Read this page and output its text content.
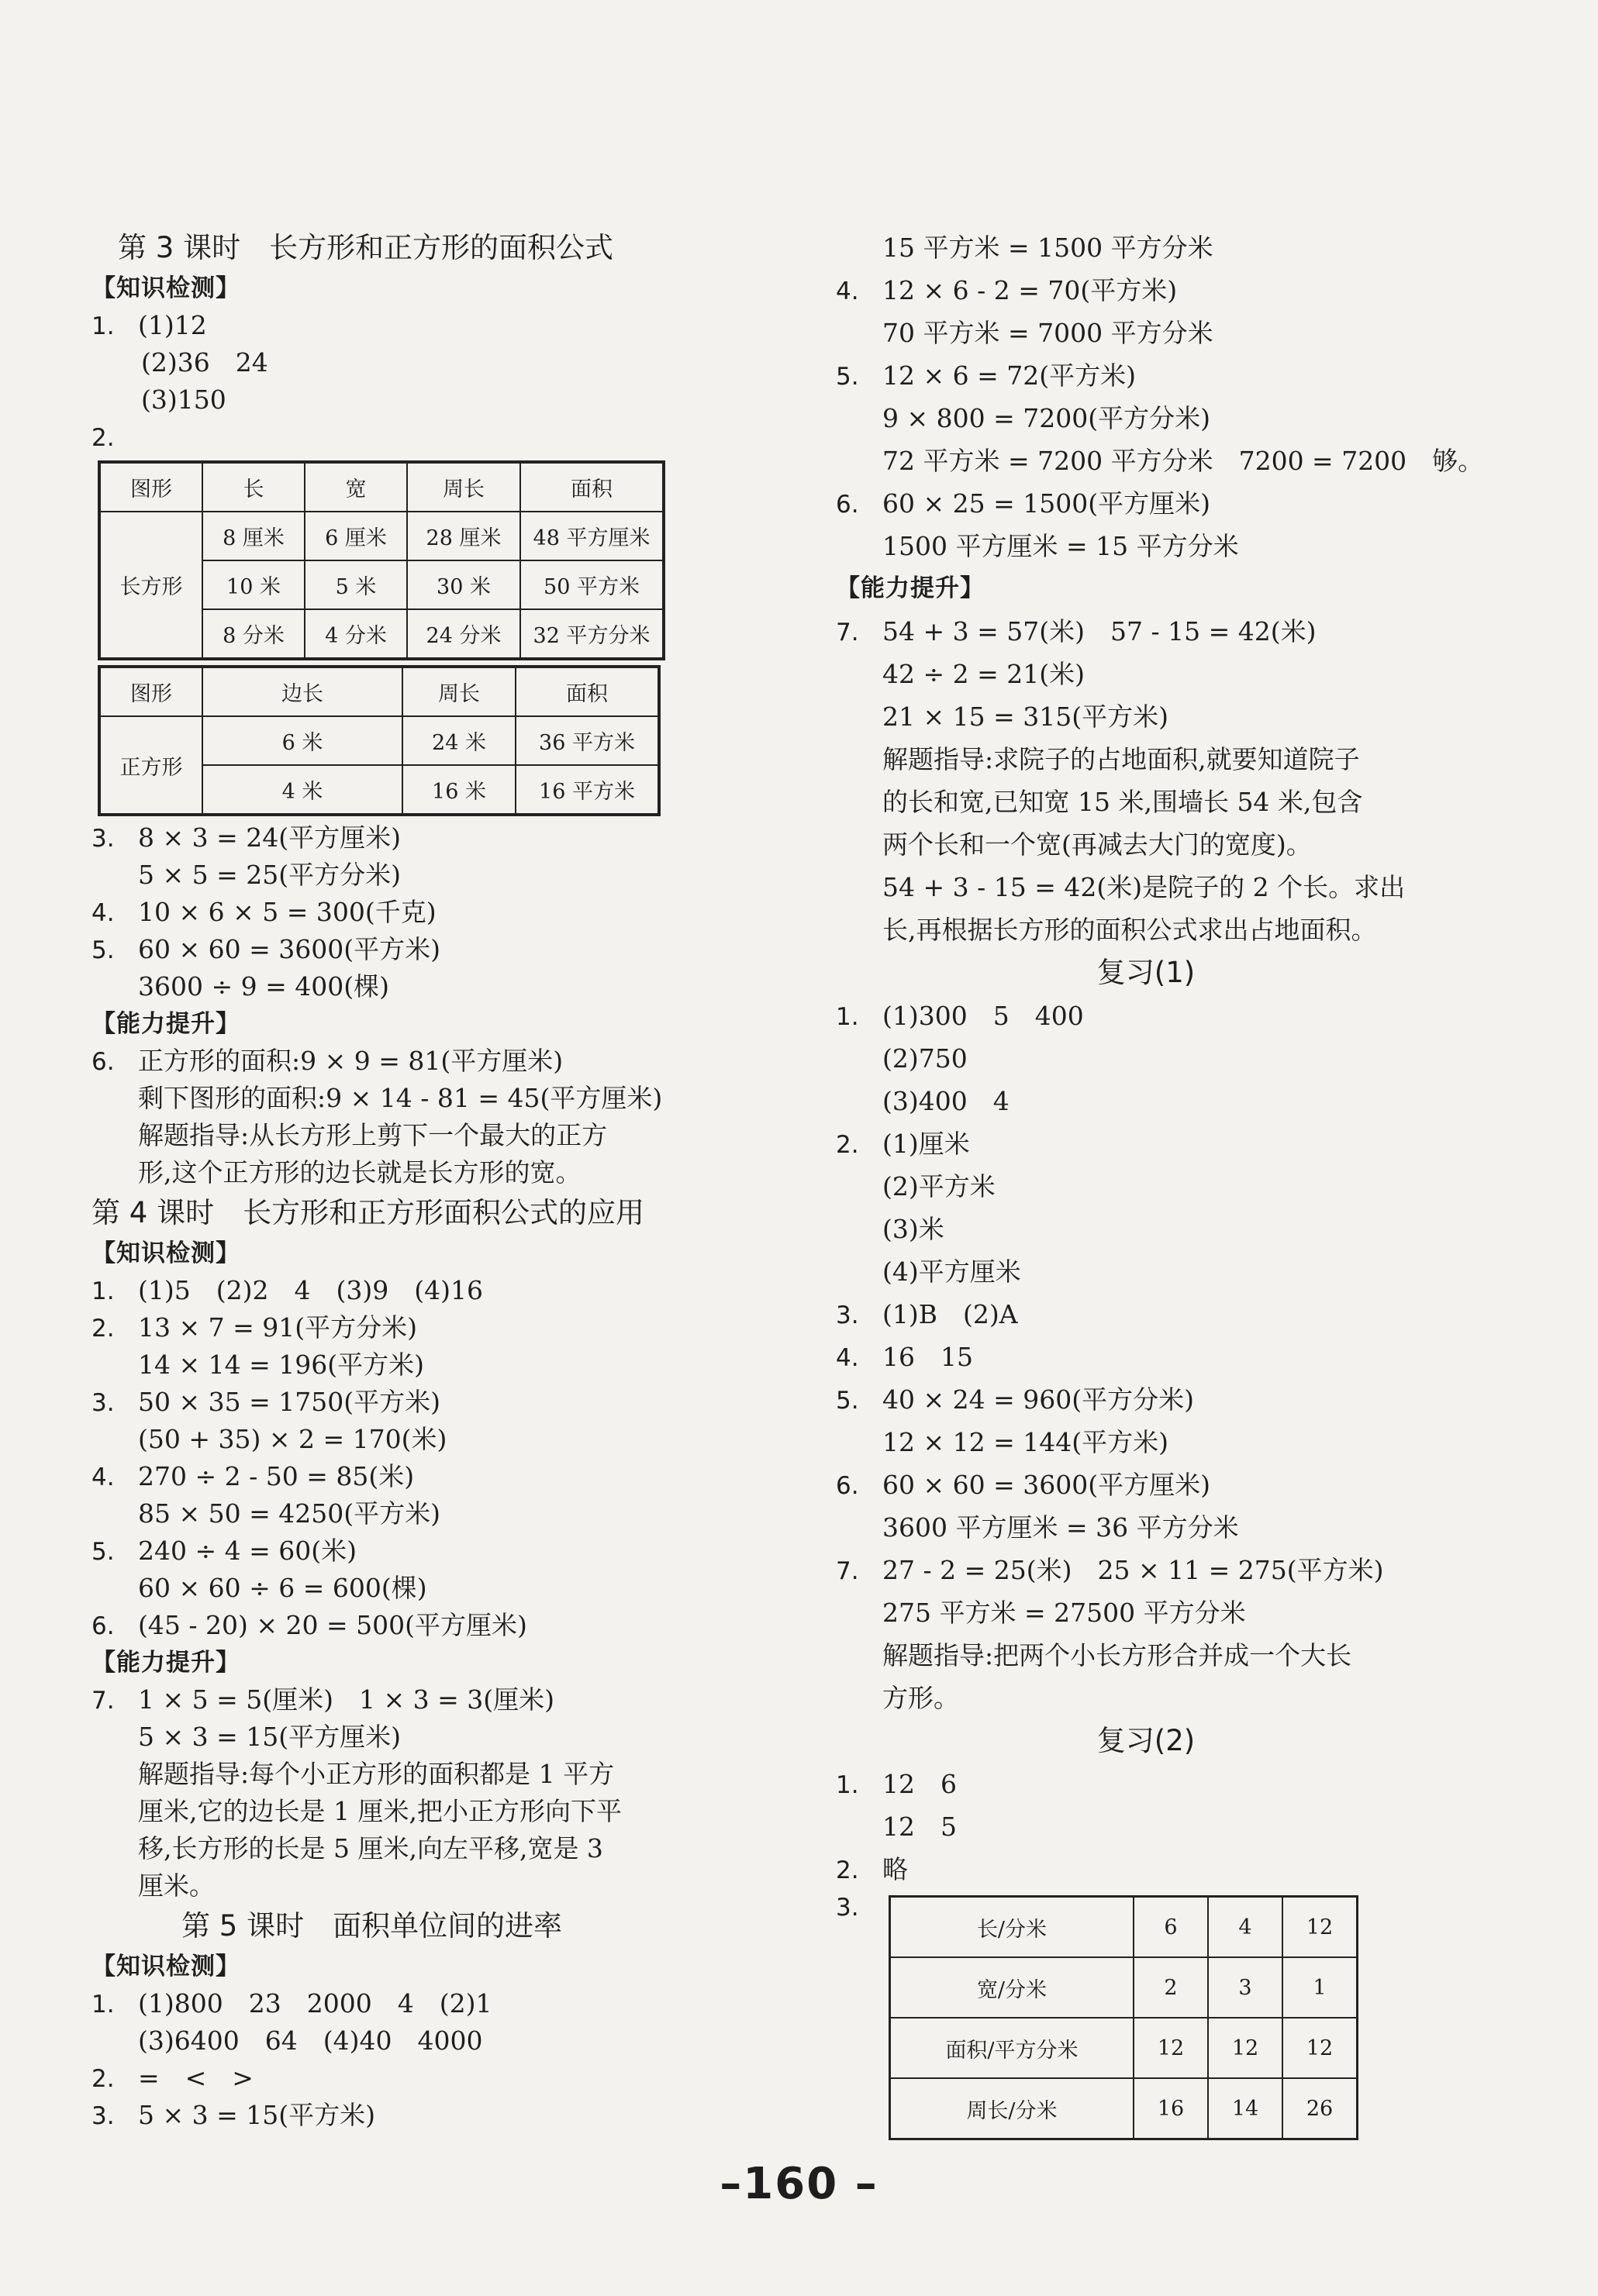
第 3 课时　长方形和正方形的面积公式
【知识检测】
1. (1)12
(2)36　24
(3)150
2.
图形	长	宽	周长	面积
长方形	8 厘米	6 厘米	28 厘米	48 平方厘米
	10 米	5 米	30 米	50 平方米
	8 分米	4 分米	24 分米	32 平方分米
图形	边长	周长	面积
正方形	6 米	24 米	36 平方米
	4 米	16 米	16 平方米
3. 8 × 3 = 24(平方厘米)
5 × 5 = 25(平方分米)
4. 10 × 6 × 5 = 300(千克)
5. 60 × 60 = 3600(平方米)
3600 ÷ 9 = 400(棵)
【能力提升】
6. 正方形的面积:9 × 9 = 81(平方厘米)
剩下图形的面积:9 × 14 - 81 = 45(平方厘米)
解题指导:从长方形上剪下一个最大的正方
形,这个正方形的边长就是长方形的宽。
第 4 课时　长方形和正方形面积公式的应用
【知识检测】
1. (1)5　(2)2　4　(3)9　(4)16
2. 13 × 7 = 91(平方分米)
14 × 14 = 196(平方米)
3. 50 × 35 = 1750(平方米)
(50 + 35) × 2 = 170(米)
4. 270 ÷ 2 - 50 = 85(米)
85 × 50 = 4250(平方米)
5. 240 ÷ 4 = 60(米)
60 × 60 ÷ 6 = 600(棵)
6. (45 - 20) × 20 = 500(平方厘米)
【能力提升】
7. 1 × 5 = 5(厘米)　1 × 3 = 3(厘米)
5 × 3 = 15(平方厘米)
解题指导:每个小正方形的面积都是 1 平方
厘米,它的边长是 1 厘米,把小正方形向下平
移,长方形的长是 5 厘米,向左平移,宽是 3
厘米。
第 5 课时　面积单位间的进率
【知识检测】
1. (1)800　23　2000　4　(2)1
(3)6400　64　(4)40　4000
2. =　<　>
3. 5 × 3 = 15(平方米)
15 平方米 = 1500 平方分米
4. 12 × 6 - 2 = 70(平方米)
70 平方米 = 7000 平方分米
5. 12 × 6 = 72(平方米)
9 × 800 = 7200(平方分米)
72 平方米 = 7200 平方分米　7200 = 7200　够。
6. 60 × 25 = 1500(平方厘米)
1500 平方厘米 = 15 平方分米
【能力提升】
7. 54 + 3 = 57(米)　57 - 15 = 42(米)
42 ÷ 2 = 21(米)
21 × 15 = 315(平方米)
解题指导:求院子的占地面积,就要知道院子
的长和宽,已知宽 15 米,围墙长 54 米,包含
两个长和一个宽(再减去大门的宽度)。
54 + 3 - 15 = 42(米)是院子的 2 个长。求出
长,再根据长方形的面积公式求出占地面积。
复习(1)
1. (1)300　5　400
(2)750
(3)400　4
2. (1)厘米
(2)平方米
(3)米
(4)平方厘米
3. (1)B　(2)A
4. 16　15
5. 40 × 24 = 960(平方分米)
12 × 12 = 144(平方米)
6. 60 × 60 = 3600(平方厘米)
3600 平方厘米 = 36 平方分米
7. 27 - 2 = 25(米)　25 × 11 = 275(平方米)
275 平方米 = 27500 平方分米
解题指导:把两个小长方形合并成一个大长
方形。
复习(2)
1. 12　6
12　5
2. 略
3.
长/分米	6	4	12
宽/分米	2	3	1
面积/平方分米	12	12	12
周长/分米	16	14	26
–160 –
